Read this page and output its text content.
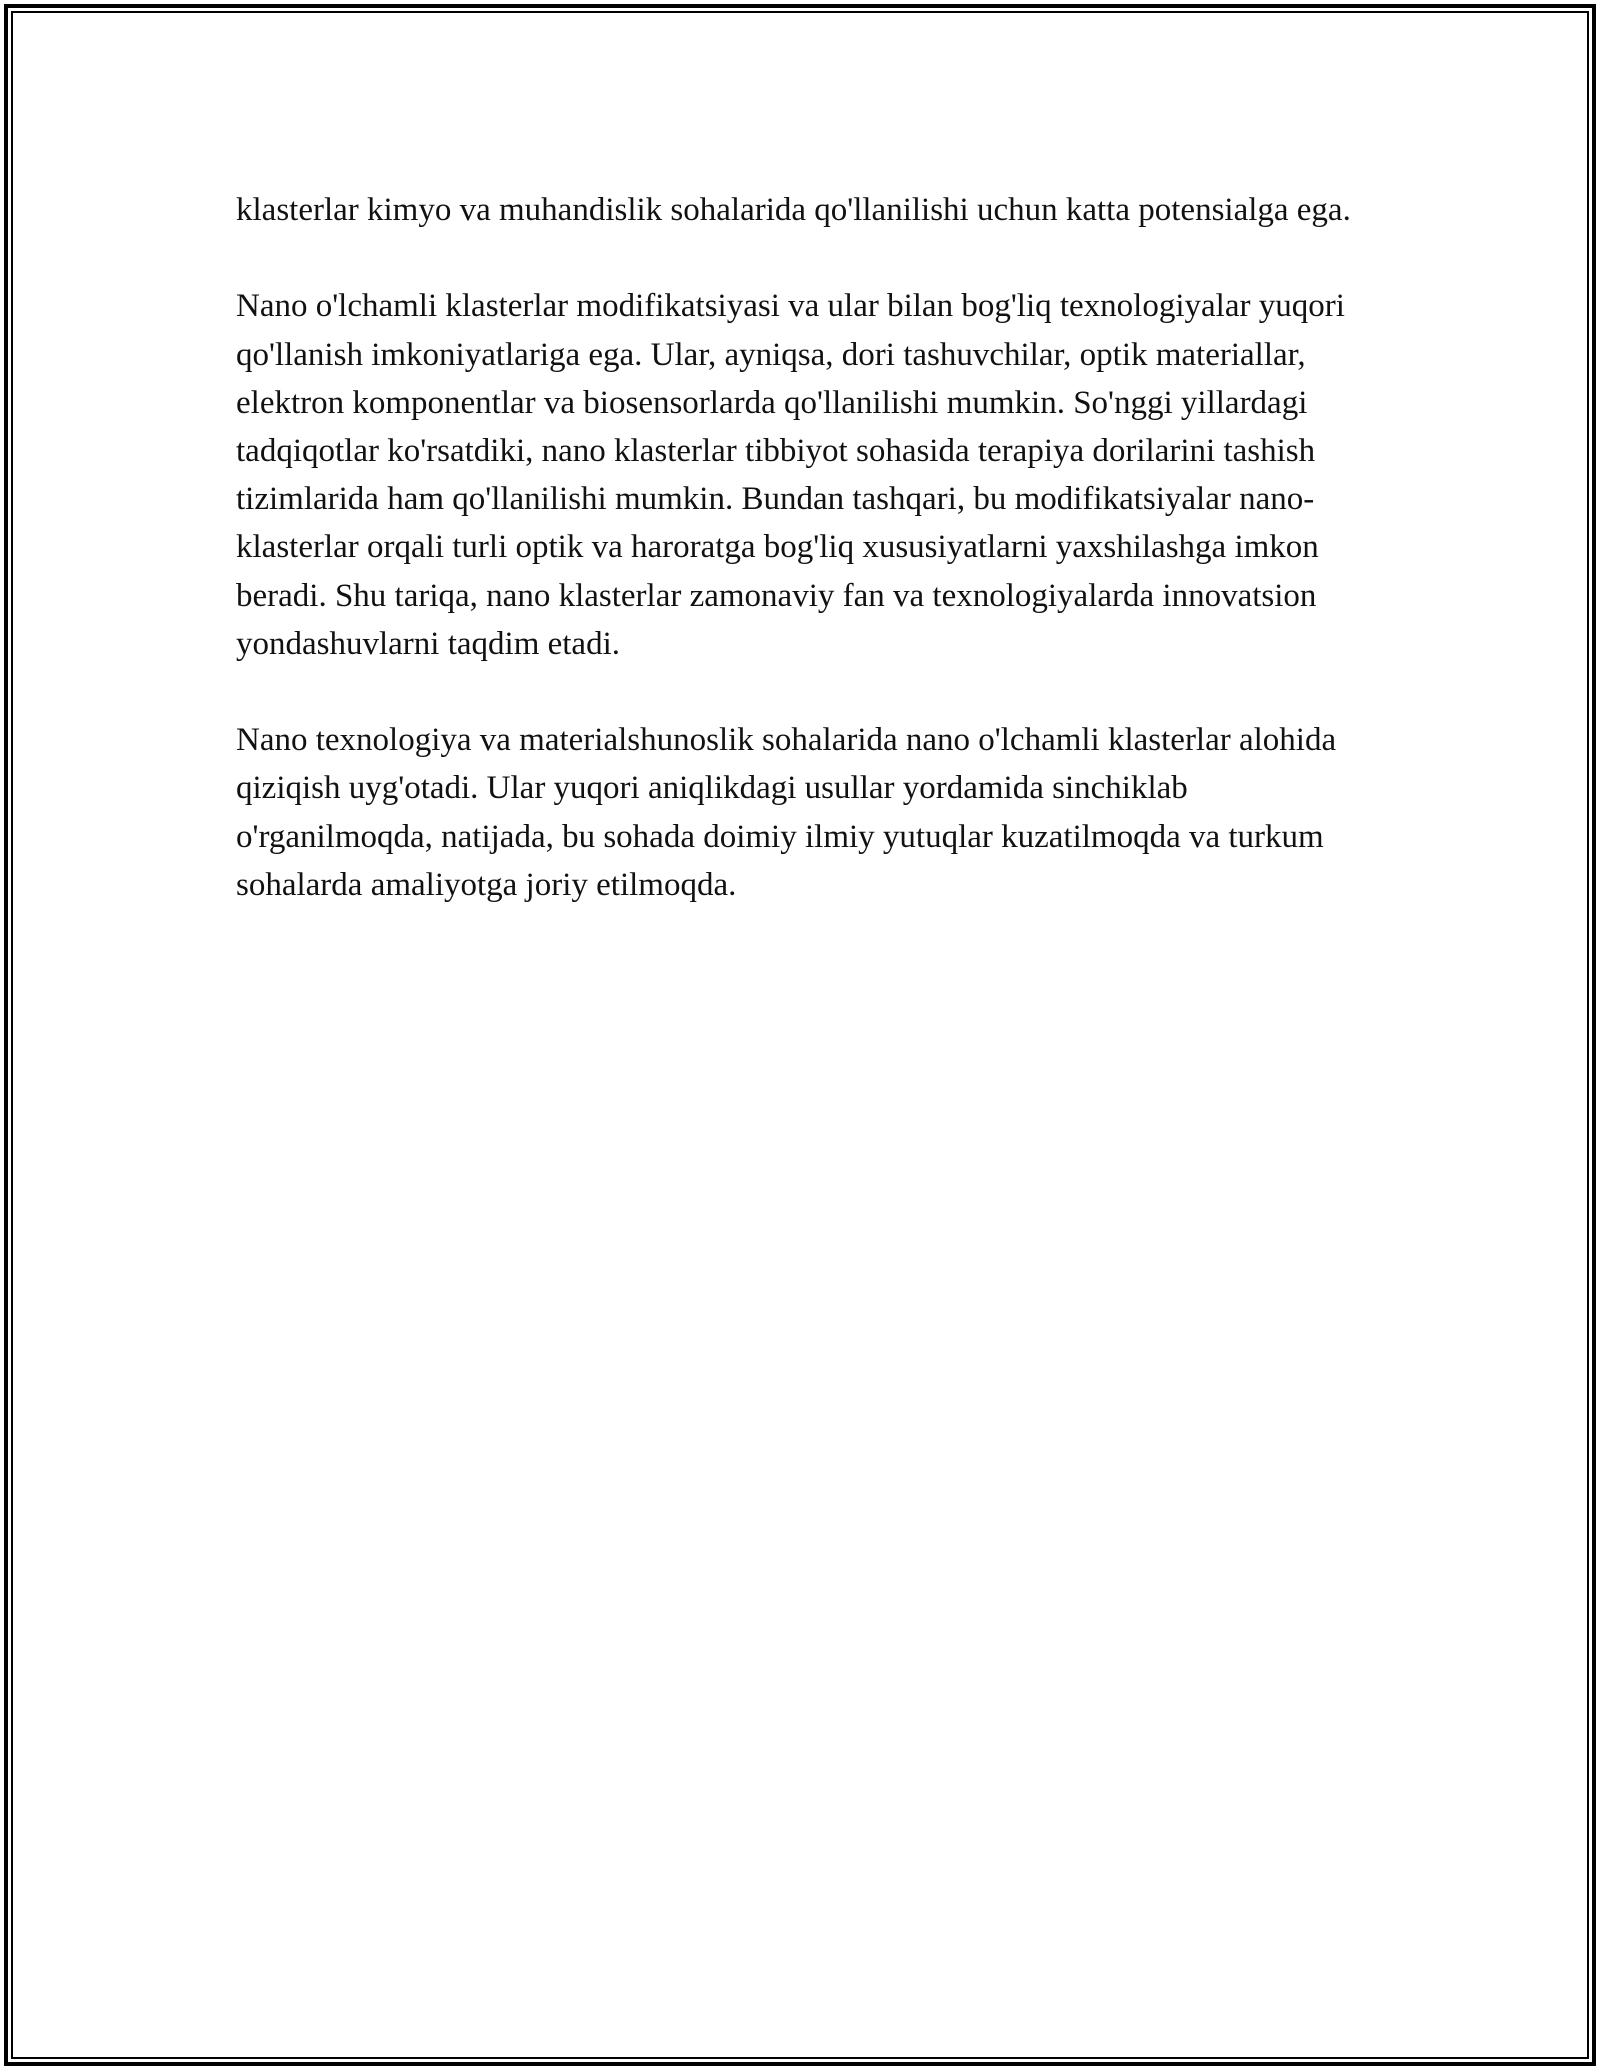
klasterlar kimyo va muhandislik sohalarida qo'llanilishi uchun katta potensialga ega.

Nano o'lchamli klasterlar modifikatsiyasi va ular bilan bog'liq texnologiyalar yuqori qo'llanish imkoniyatlariga ega. Ular, ayniqsa, dori tashuvchilar, optik materiallar, elektron komponentlar va biosensorlarda qo'llanilishi mumkin. So'nggi yillardagi tadqiqotlar ko'rsatdiki, nano klasterlar tibbiyot sohasida terapiya dorilarini tashish tizimlarida ham qo'llanilishi mumkin. Bundan tashqari, bu modifikatsiyalar nano-klasterlar orqali turli optik va haroratga bog'liq xususiyatlarni yaxshilashga imkon beradi. Shu tariqa, nano klasterlar zamonaviy fan va texnologiyalarda innovatsion yondashuvlarni taqdim etadi.

Nano texnologiya va materialshunoslik sohalarida nano o'lchamli klasterlar alohida qiziqish uyg'otadi. Ular yuqori aniqlikdagi usullar yordamida sinchiklab o'rganilmoqda, natijada, bu sohada doimiy ilmiy yutuqlar kuzatilmoqda va turkum sohalarda amaliyotga joriy etilmoqda.
